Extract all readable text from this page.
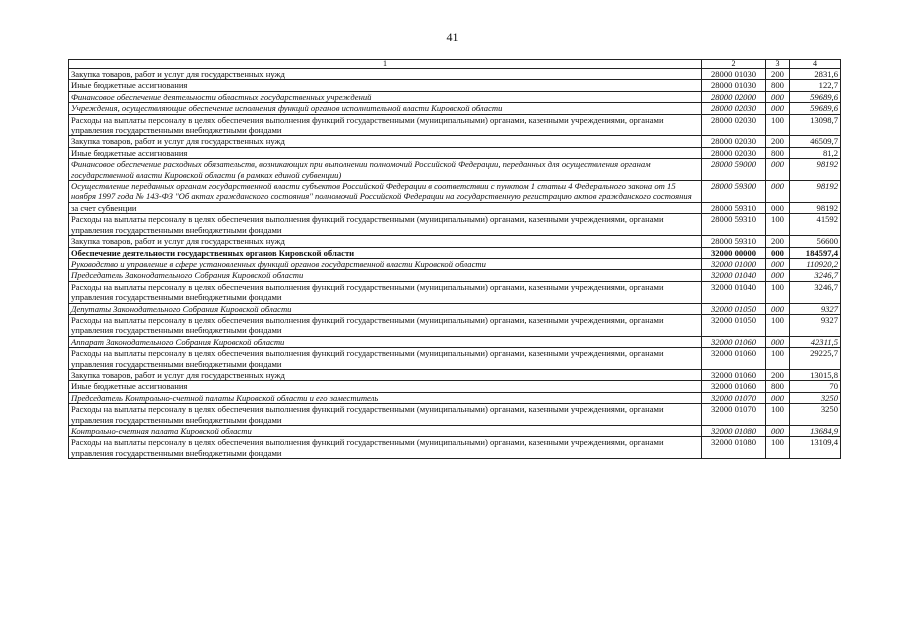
41
1	2	3	4
Закупка товаров, работ и услуг для государственных нужд	28000 01030	200	2831,6
Иные бюджетные ассигнования	28000 01030	800	122,7
Финансовое обеспечение деятельности областных государственных учреждений	28000 02000	000	59689,6
Учреждения, осуществляющие обеспечение исполнения функций органов исполнительной власти Кировской области	28000 02030	000	59689,6
Расходы на выплаты персоналу в целях обеспечения выполнения функций государственными (муниципальными) органами, казенными учреждениями, органами управления государственными внебюджетными фондами	28000 02030	100	13098,7
Закупка товаров, работ и услуг для государственных нужд	28000 02030	200	46509,7
Иные бюджетные ассигнования	28000 02030	800	81,2
Финансовое обеспечение расходных обязательств, возникающих при выполнении полномочий Российской Федерации, переданных для осуществления органам государственной власти Кировской области (в рамках единой субвенции)	28000 59000	000	98192
Осуществление переданных органам государственной власти субъектов Российской Федерации в соответствии с пунктом 1 статьи 4 Федерального закона от 15 ноября 1997 года № 143-ФЗ "Об актах гражданского состояния" полномочий Российской Федерации на государственную регистрацию актов гражданского состояния	28000 59300	000	98192
за счет субвенции	28000 59310	000	98192
Расходы на выплаты персоналу в целях обеспечения выполнения функций государственными (муниципальными) органами, казенными учреждениями, органами управления государственными внебюджетными фондами	28000 59310	100	41592
Закупка товаров, работ и услуг для государственных нужд	28000 59310	200	56600
Обеспечение деятельности государственных органов Кировской области	32000 00000	000	184597,4
Руководство и управление в сфере установленных функций органов государственной власти Кировской области	32000 01000	000	110920,2
Председатель Законодательного Собрания Кировской области	32000 01040	000	3246,7
Расходы на выплаты персоналу в целях обеспечения выполнения функций государственными (муниципальными) органами, казенными учреждениями, органами управления государственными внебюджетными фондами	32000 01040	100	3246,7
Депутаты Законодательного Собрания Кировской области	32000 01050	000	9327
Расходы на выплаты персоналу в целях обеспечения выполнения функций государственными (муниципальными) органами, казенными учреждениями, органами управления государственными внебюджетными фондами	32000 01050	100	9327
Аппарат Законодательного Собрания Кировской области	32000 01060	000	42311,5
Расходы на выплаты персоналу в целях обеспечения выполнения функций государственными (муниципальными) органами, казенными учреждениями, органами управления государственными внебюджетными фондами	32000 01060	100	29225,7
Закупка товаров, работ и услуг для государственных нужд	32000 01060	200	13015,8
Иные бюджетные ассигнования	32000 01060	800	70
Председатель Контрольно-счетной палаты Кировской области и его заместитель	32000 01070	000	3250
Расходы на выплаты персоналу в целях обеспечения выполнения функций государственными (муниципальными) органами, казенными учреждениями, органами управления государственными внебюджетными фондами	32000 01070	100	3250
Контрольно-счетная палата Кировской области	32000 01080	000	13684,9
Расходы на выплаты персоналу в целях обеспечения выполнения функций государственными (муниципальными) органами, казенными учреждениями, органами управления государственными внебюджетными фондами	32000 01080	100	13109,4
